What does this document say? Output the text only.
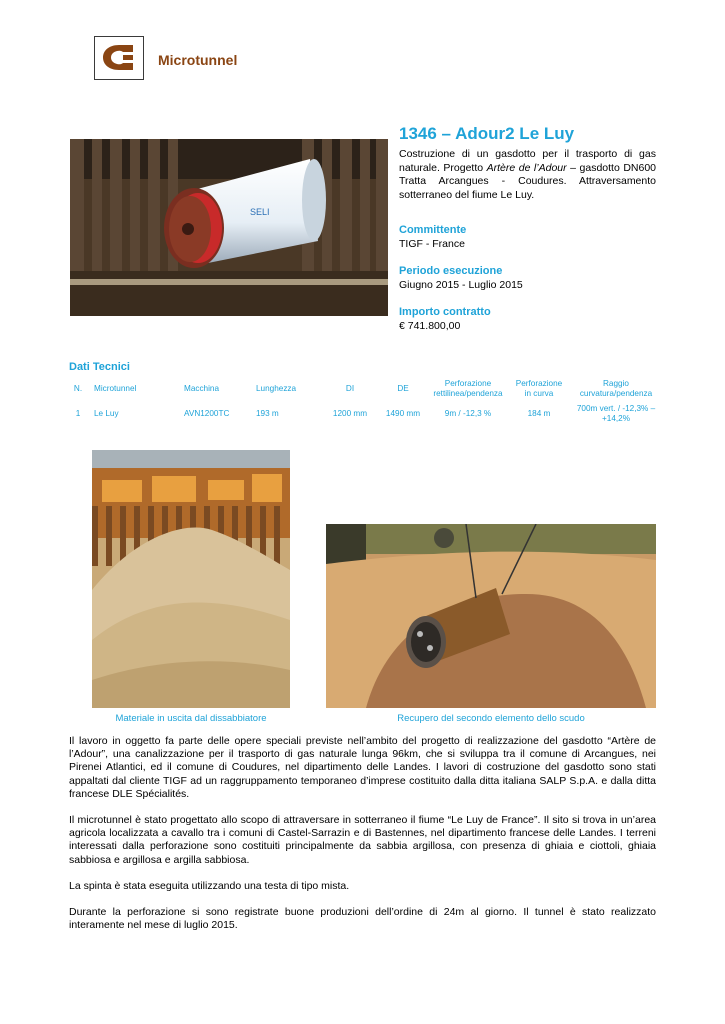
Microtunnel
SELI
1346 – Adour2 Le Luy
Costruzione di un gasdotto per il trasporto di gas naturale. Progetto Artère de l’Adour – gasdotto DN600 Tratta Arcangues - Coudures. Attraversamento sotterraneo del fiume Le Luy.
Committente
TIGF - France
Periodo esecuzione
Giugno 2015 - Luglio 2015
Importo contratto
€ 741.800,00
Dati Tecnici
N.	Microtunnel	Macchina	Lunghezza	DI	DE	Perforazione rettilinea/pendenza	Perforazione in curva	Raggio curvatura/pendenza
1	Le Luy	AVN1200TC	193 m	1200 mm	1490 mm	9m / -12,3 %	184 m	700m vert. / -12,3% – +14,2%
Materiale in uscita dal dissabbiatore	Recupero del secondo elemento dello scudo

Il lavoro in oggetto fa parte delle opere speciali previste nell’ambito del progetto di realizzazione del gasdotto “Artère de l’Adour”, una canalizzazione per il trasporto di gas naturale lunga 96km, che si sviluppa tra il comune di Arcangues, nei Pirenei Atlantici, ed il comune di Coudures, nel dipartimento delle Landes. I lavori di costruzione del gasdotto sono stati appaltati dal cliente TIGF ad un raggruppamento temporaneo d’imprese costituito dalla ditta italiana SALP S.p.A. e dalla ditta francese DLE Spécialités.

Il microtunnel è stato progettato allo scopo di attraversare in sotterraneo il fiume “Le Luy de France”. Il sito si trova in un’area agricola localizzata a cavallo tra i comuni di Castel-Sarrazin e di Bastennes, nel dipartimento francese delle Landes. I terreni interessati dalla perforazione sono costituiti principalmente da sabbia argillosa, con presenza di ghiaia e ciottoli, ghiaia sabbiosa e argillosa e argilla sabbiosa.

La spinta è stata eseguita utilizzando una testa di tipo mista.

Durante la perforazione si sono registrate buone produzioni dell’ordine di 24m al giorno. Il tunnel è stato realizzato interamente nel mese di luglio 2015.
